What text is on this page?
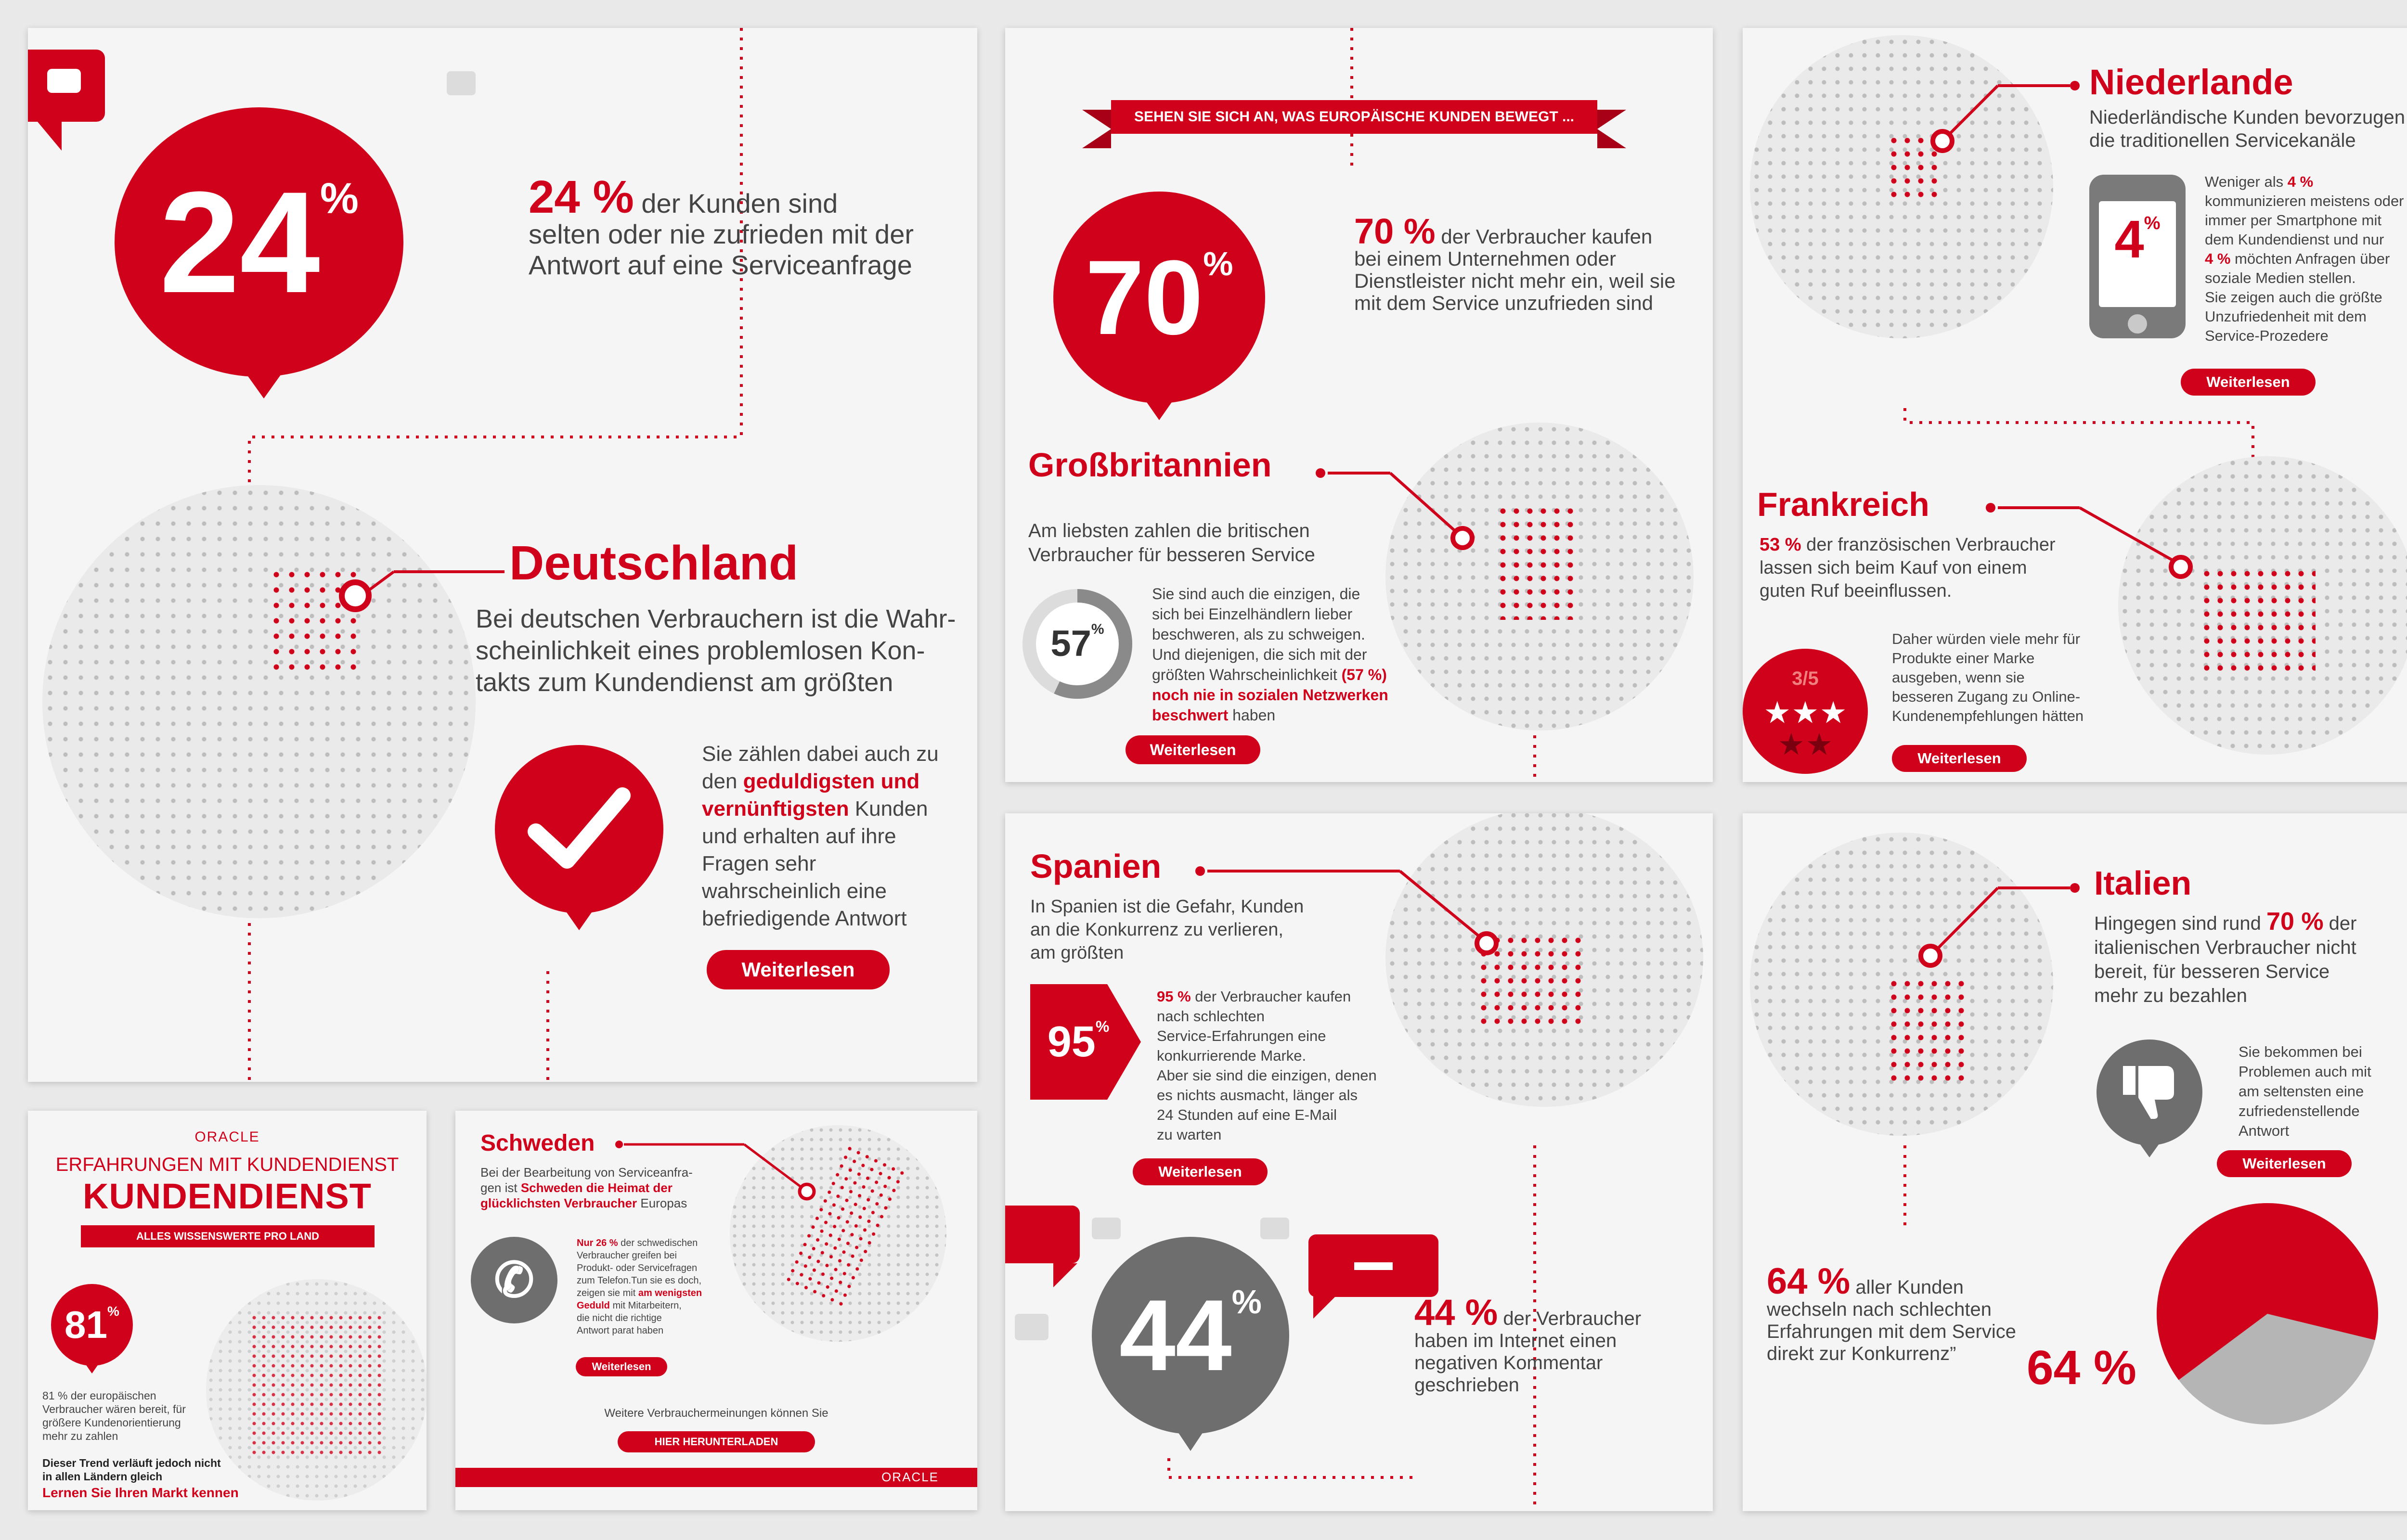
24%	24 % der Kunden sind
selten oder nie zufrieden mit der
Antwort auf eine Serviceanfrage
Deutschland
Bei deutschen Verbrauchern ist die Wahr-
scheinlichkeit eines problemlosen Kon-
takts zum Kundendienst am größten
Sie zählen dabei auch zu
den geduldigsten und
vernünftigsten Kunden
und erhalten auf ihre
Fragen sehr
wahrscheinlich eine
befriedigende Antwort
Weiterlesen
SEHEN SIE SICH AN, WAS EUROPÄISCHE KUNDEN BEWEGT ...
70%
70 % der Verbraucher kaufen
bei einem Unternehmen oder
Dienstleister nicht mehr ein, weil sie
mit dem Service unzufrieden sind
Großbritannien
Am liebsten zahlen die britischen
Verbraucher für besseren Service
57%
Sie sind auch die einzigen, die
sich bei Einzelhändlern lieber
beschweren, als zu schweigen.
Und diejenigen, die sich mit der
größten Wahrscheinlichkeit (57 %)
noch nie in sozialen Netzwerken
beschwert haben
Weiterlesen
Niederlande
Niederländische Kunden bevorzugen
die traditionellen Servicekanäle
4%
Weniger als 4 %
kommunizieren meistens oder
immer per Smartphone mit
dem Kundendienst und nur
4 % möchten Anfragen über
soziale Medien stellen.
Sie zeigen auch die größte
Unzufriedenheit mit dem
Service-Prozedere
Weiterlesen
Frankreich
53 % der französischen Verbraucher
lassen sich beim Kauf von einem
guten Ruf beeinflussen.
3/5
★ ★ ★
★ ★
Daher würden viele mehr für
Produkte einer Marke
ausgeben, wenn sie
besseren Zugang zu Online-
Kundenempfehlungen hätten
Weiterlesen
Spanien
In Spanien ist die Gefahr, Kunden
an die Konkurrenz zu verlieren,
am größten
95%
95 % der Verbraucher kaufen
nach schlechten
Service-Erfahrungen eine
konkurrierende Marke.
Aber sie sind die einzigen, denen
es nichts ausmacht, länger als
24 Stunden auf eine E-Mail
zu warten
Weiterlesen
44%	44 % der Verbraucher
haben im Internet einen
negativen Kommentar
geschrieben
Italien
Hingegen sind rund 70 % der
italienischen Verbraucher nicht
bereit, für besseren Service
mehr zu bezahlen
Sie bekommen bei
Problemen auch mit
am seltensten eine
zufriedenstellende
Antwort
Weiterlesen
64 % aller Kunden
wechseln nach schlechten
Erfahrungen mit dem Service
direkt zur Konkurrenz”	64 %
ORACLE
ERFAHRUNGEN MIT KUNDENDIENST
KUNDENDIENST
ALLES WISSENSWERTE PRO LAND
81%
81 % der europäischen
Verbraucher wären bereit, für
größere Kundenorientierung
mehr zu zahlen
Dieser Trend verläuft jedoch nicht
in allen Ländern gleich
Lernen Sie Ihren Markt kennen
Schweden
Bei der Bearbeitung von Serviceanfra-
gen ist Schweden die Heimat der
glücklichsten Verbraucher Europas
✆
Nur 26 % der schwedischen
Verbraucher greifen bei
Produkt- oder Servicefragen
zum Telefon.Tun sie es doch,
zeigen sie mit am wenigsten
Geduld mit Mitarbeitern,
die nicht die richtige
Antwort parat haben
Weiterlesen
Weitere Verbrauchermeinungen können Sie
HIER HERUNTERLADEN
ORACLE
